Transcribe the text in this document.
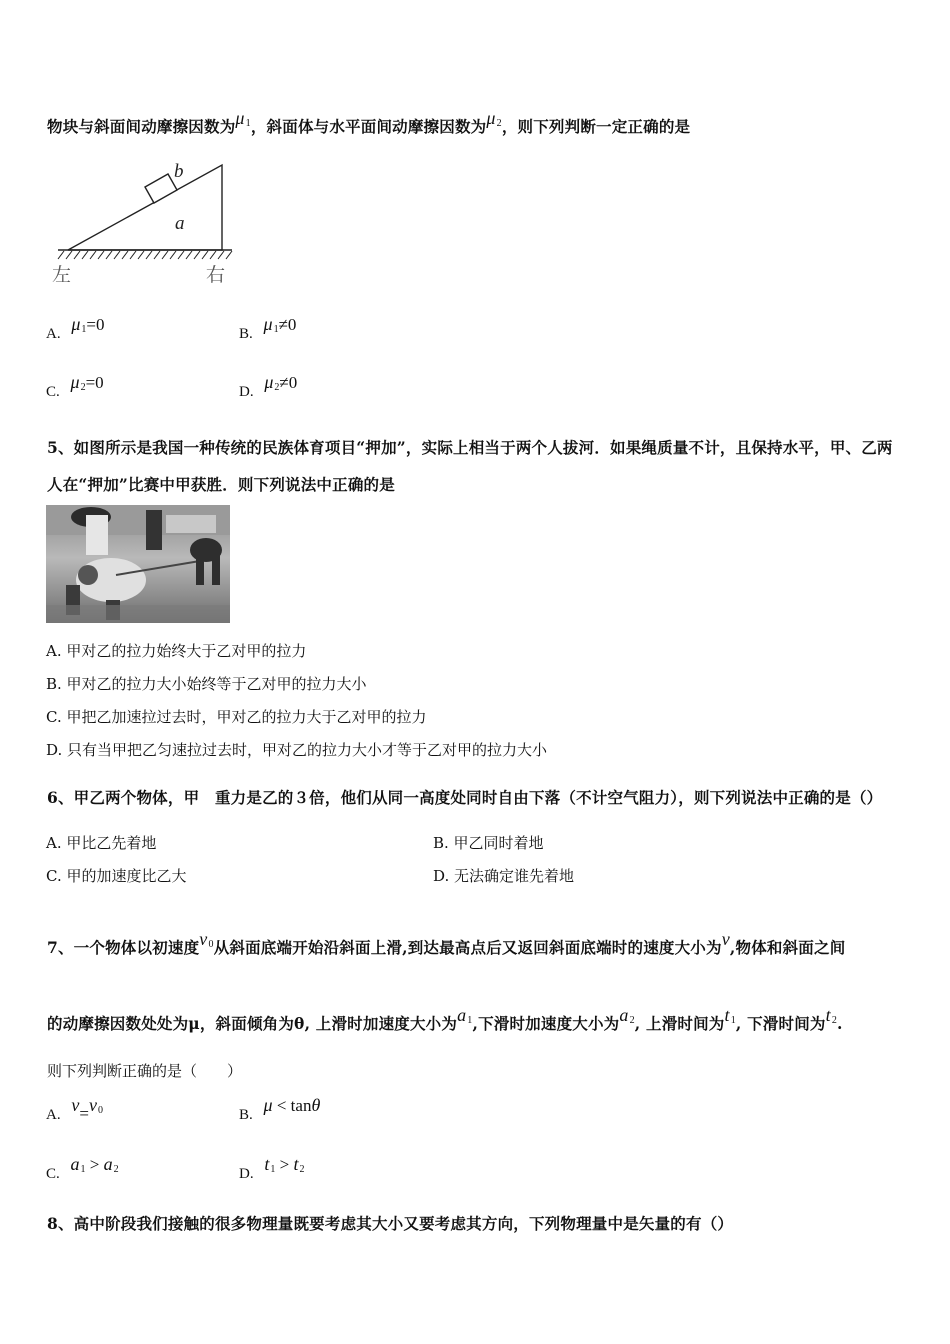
物块与斜面间动摩擦因数为$\mu_1$，斜面体与水平面间动摩擦因数为$\mu_2$，则下列判断一定正确的是
b
a
左	右
A. $\mu_1=0$	B. $\mu_1\ne 0$
C. $\mu_2=0$	D. $\mu_2\ne 0$
5、如图所示是我国一种传统的民族体育项目“押加”，实际上相当于两个人拔河．如果绳质量不计，且保持水平，甲、乙两
人在“押加”比赛中甲获胜．则下列说法中正确的是
A. 甲对乙的拉力始终大于乙对甲的拉力
B. 甲对乙的拉力大小始终等于乙对甲的拉力大小
C. 甲把乙加速拉过去时，甲对乙的拉力大于乙对甲的拉力
D. 只有当甲把乙匀速拉过去时，甲对乙的拉力大小才等于乙对甲的拉力大小
6、甲乙两个物体，甲　重力是乙的３倍，他们从同一高度处同时自由下落（不计空气阻力），则下列说法中正确的是（）
A. 甲比乙先着地	B. 甲乙同时着地
C. 甲的加速度比乙大	D. 无法确定谁先着地
7、一个物体以初速度$v_0$从斜面底端开始沿斜面上滑,到达最高点后又返回斜面底端时的速度大小为v,物体和斜面之间
的动摩擦因数处处为μ，斜面倾角为θ, 上滑时加速度大小为$a_1$,下滑时加速度大小为$a_2$, 上滑时间为$t_1$, 下滑时间为$t_2$.
则下列判断正确的是（　　）
A. $v=v_0$	B. μ < tanθ
C. $a_1 > a_2$	D. $t_1 > t_2$
8、高中阶段我们接触的很多物理量既要考虑其大小又要考虑其方向，下列物理量中是矢量的有（）
